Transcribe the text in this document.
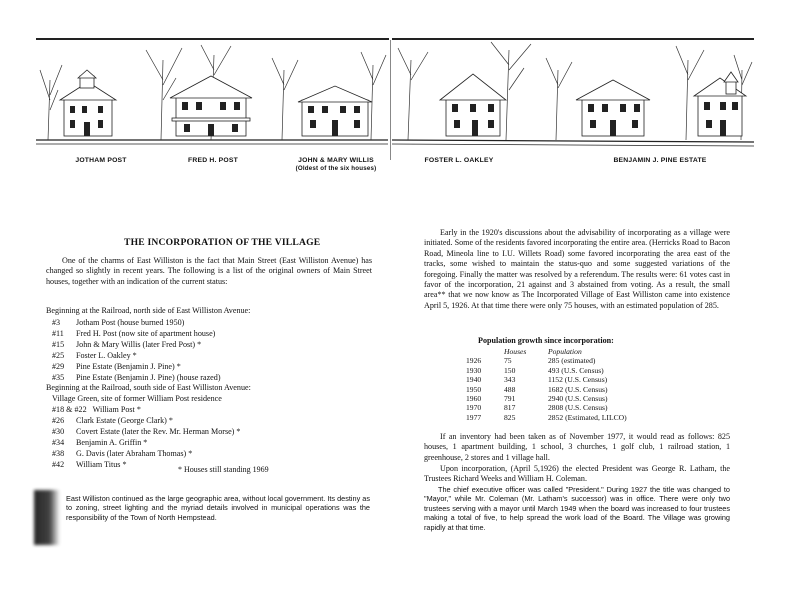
JOTHAM POST	FRED H. POST	JOHN & MARY WILLIS
(Oldest of the six houses)
FOSTER L. OAKLEY	BENJAMIN J. PINE ESTATE
THE INCORPORATION OF THE VILLAGE

One of the charms of East Williston is the fact that Main Street (East Williston Avenue) has changed so slightly in recent years. The following is a list of the original owners of Main Street houses, together with an indication of the current status:

Beginning at the Railroad, north side of East Williston Avenue:
#3 Jotham Post (house burned 1950)
#11 Fred H. Post (now site of apartment house)
#15 John & Mary Willis (later Fred Post) *
#25 Foster L. Oakley *
#29 Pine Estate (Benjamin J. Pine) *
#35 Pine Estate (Benjamin J. Pine) (house razed)
Beginning at the Railroad, south side of East Williston Avenue:
Village Green, site of former William Post residence
#18 & #22 William Post *
#26 Clark Estate (George Clark) *
#30 Covert Estate (later the Rev. Mr. Herman Morse) *
#34 Benjamin A. Griffin *
#38 G. Davis (later Abraham Thomas) *
#42 William Titus *
* Houses still standing 1969

East Williston continued as the large geographic area, without local government. Its destiny as to zoning, street lighting and the myriad details involved in municipal operations was the responsibility of the Town of North Hempstead.

Early in the 1920's discussions about the advisability of incorporating as a village were initiated. Some of the residents favored incorporating the entire area. (Herricks Road to Bacon Road, Mineola line to I.U. Willets Road) some favored incorporating the area east of the tracks, some wished to maintain the status-quo and some suggested variations of the foregoing. Finally the matter was resolved by a referendum. The results were: 61 votes cast in favor of the incorporation, 21 against and 3 abstained from voting. As a result, the small area** that we now know as The Incorporated Village of East Williston came into existence April 5, 1926. At that time there were only 75 houses, with an estimated population of 285.

Population growth since incorporation:
	Houses	Population
1926	75	285 (estimated)
1930	150	493 (U.S. Census)
1940	343	1152 (U.S. Census)
1950	488	1682 (U.S. Census)
1960	791	2940 (U.S. Census)
1970	817	2808 (U.S. Census)
1977	825	2852 (Estimated, LILCO)

If an inventory had been taken as of November 1977, it would read as follows: 825 houses, 1 apartment building, 1 school, 3 churches, 1 golf club, 1 railroad station, 1 greenhouse, 2 stores and 1 village hall.

Upon incorporation, (April 5,1926) the elected President was George R. Latham, the Trustees Richard Weeks and William H. Coleman.

The chief executive officer was called "President." During 1927 the title was changed to "Mayor," while Mr. Coleman (Mr. Latham's successor) was in office. There were only two trustees serving with a mayor until March 1949 when the board was increased to four trustees making a total of five, to help spread the work load of the Board. The Village was growing rapidly at that time.
